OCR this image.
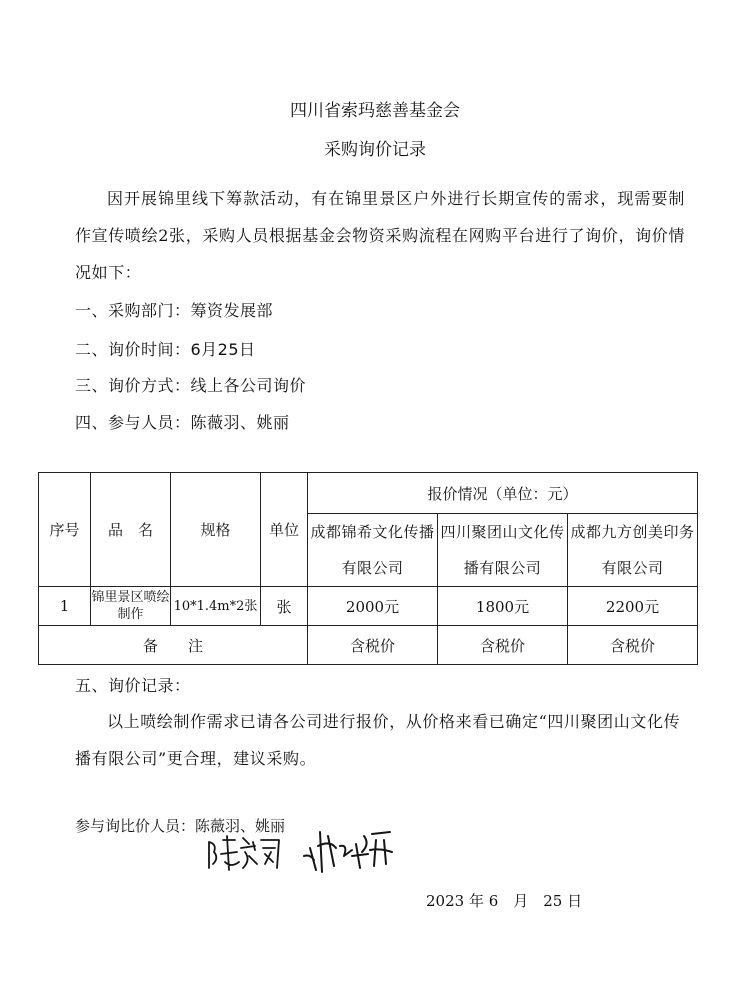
四川省索玛慈善基金会
采购询价记录
因开展锦里线下筹款活动，有在锦里景区户外进行长期宣传的需求，现需要制作宣传喷绘2张，采购人员根据基金会物资采购流程在网购平台进行了询价，询价情况如下：
一、采购部门：筹资发展部
二、询价时间：6月25日
三、询价方式：线上各公司询价
四、参与人员：陈薇羽、姚丽
序号	品　名	规格	单位	报价情况（单位：元）		
				成都锦希文化传播有限公司	四川聚团山文化传播有限公司	成都九方创美印务有限公司
1	锦里景区喷绘制作	10*1.4m*2张	张	2000元	1800元	2200元
备　　注				含税价	含税价	含税价
五、询价记录：
以上喷绘制作需求已请各公司进行报价，从价格来看已确定“四川聚团山文化传播有限公司”更合理，建议采购。
参与询比价人员：陈薇羽、姚丽
2023 年 6　月　25 日
